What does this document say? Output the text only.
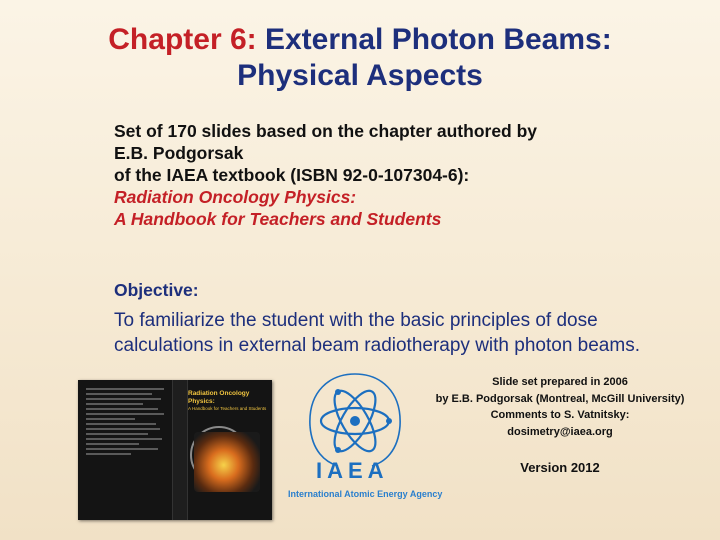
Chapter 6: External Photon Beams:
Physical Aspects
Set of 170 slides based on the chapter authored by
E.B. Podgorsak
of the IAEA textbook (ISBN 92-0-107304-6):
Radiation Oncology Physics:
A Handbook for Teachers and Students
Objective:
To familiarize the student with the basic principles of dose
calculations in external beam radiotherapy with photon beams.
Radiation Oncology Physics:
A Handbook for Teachers and Students
IAEA
International Atomic Energy Agency
Slide set prepared in 2006
by E.B. Podgorsak (Montreal, McGill University)
Comments to S. Vatnitsky:
dosimetry@iaea.org
Version 2012
